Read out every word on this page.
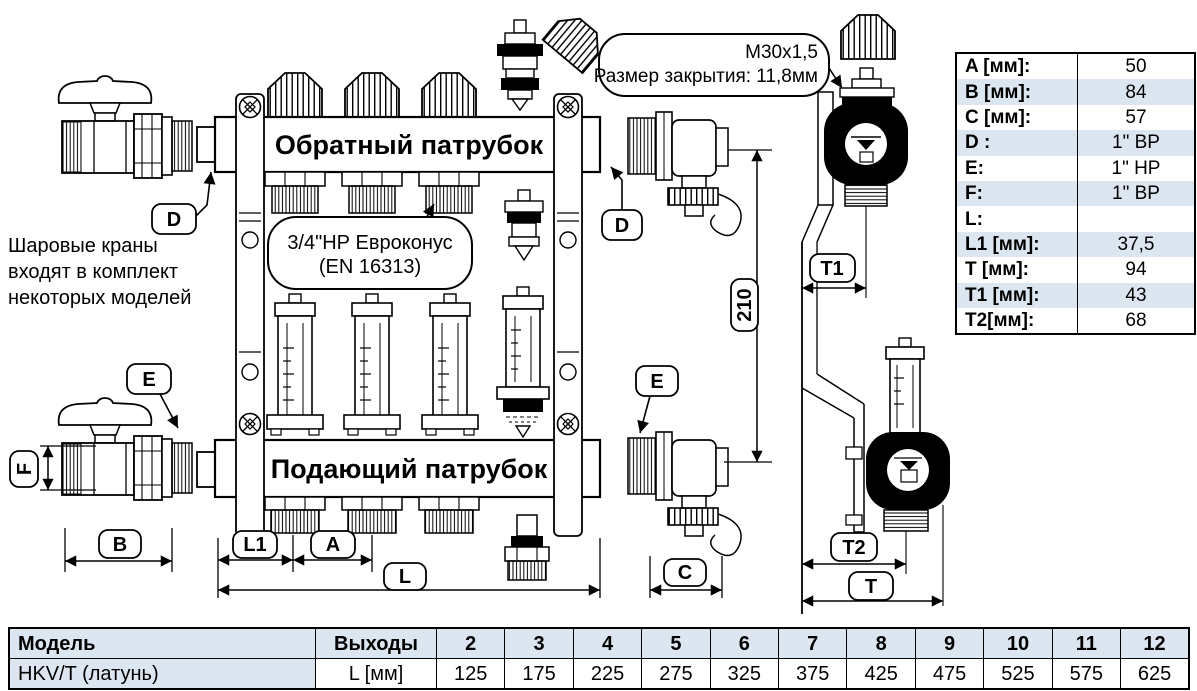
Шаровые краны
входят в комплект
некоторых моделей
Обратный патрубок
Подающий патрубок
3/4"НР Евроконус
(EN 16313)
D
E
F
B	L1	A
L
D
E
210
C
M30x1,5
Размер закрытия: 11,8мм
T1
T2
T
A [мм]:	50
B [мм]:	84
C [мм]:	57
D :	1" ВР
E:	1" НР
F:	1" ВР
L:	
L1 [мм]:	37,5
T [мм]:	94
T1 [мм]:	43
T2[мм]:	68
Модель	Выходы	2	3	4	5	6	7	8	9	10	11	12
HKV/T (латунь)	L [мм]	125	175	225	275	325	375	425	475	525	575	625
